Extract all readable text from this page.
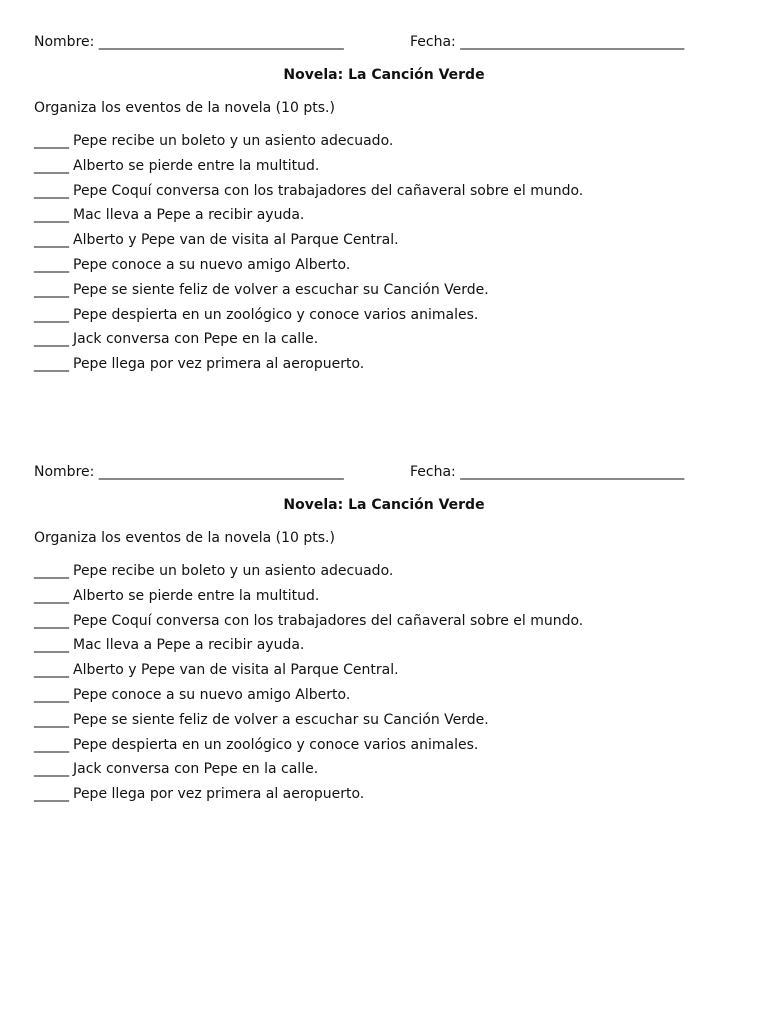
Nombre: ___________________________________	Fecha: ________________________________
Novela: La Canción Verde
Organiza los eventos de la novela (10 pts.)
_____ Pepe recibe un boleto y un asiento adecuado.
_____ Alberto se pierde entre la multitud.
_____ Pepe Coquí conversa con los trabajadores del cañaveral sobre el mundo.
_____ Mac lleva a Pepe a recibir ayuda.
_____ Alberto y Pepe van de visita al Parque Central.
_____ Pepe conoce a su nuevo amigo Alberto.
_____ Pepe se siente feliz de volver a escuchar su Canción Verde.
_____ Pepe despierta en un zoológico y conoce varios animales.
_____ Jack conversa con Pepe en la calle.
_____ Pepe llega por vez primera al aeropuerto.
Nombre: ___________________________________	Fecha: ________________________________
Novela: La Canción Verde
Organiza los eventos de la novela (10 pts.)
_____ Pepe recibe un boleto y un asiento adecuado.
_____ Alberto se pierde entre la multitud.
_____ Pepe Coquí conversa con los trabajadores del cañaveral sobre el mundo.
_____ Mac lleva a Pepe a recibir ayuda.
_____ Alberto y Pepe van de visita al Parque Central.
_____ Pepe conoce a su nuevo amigo Alberto.
_____ Pepe se siente feliz de volver a escuchar su Canción Verde.
_____ Pepe despierta en un zoológico y conoce varios animales.
_____ Jack conversa con Pepe en la calle.
_____ Pepe llega por vez primera al aeropuerto.
